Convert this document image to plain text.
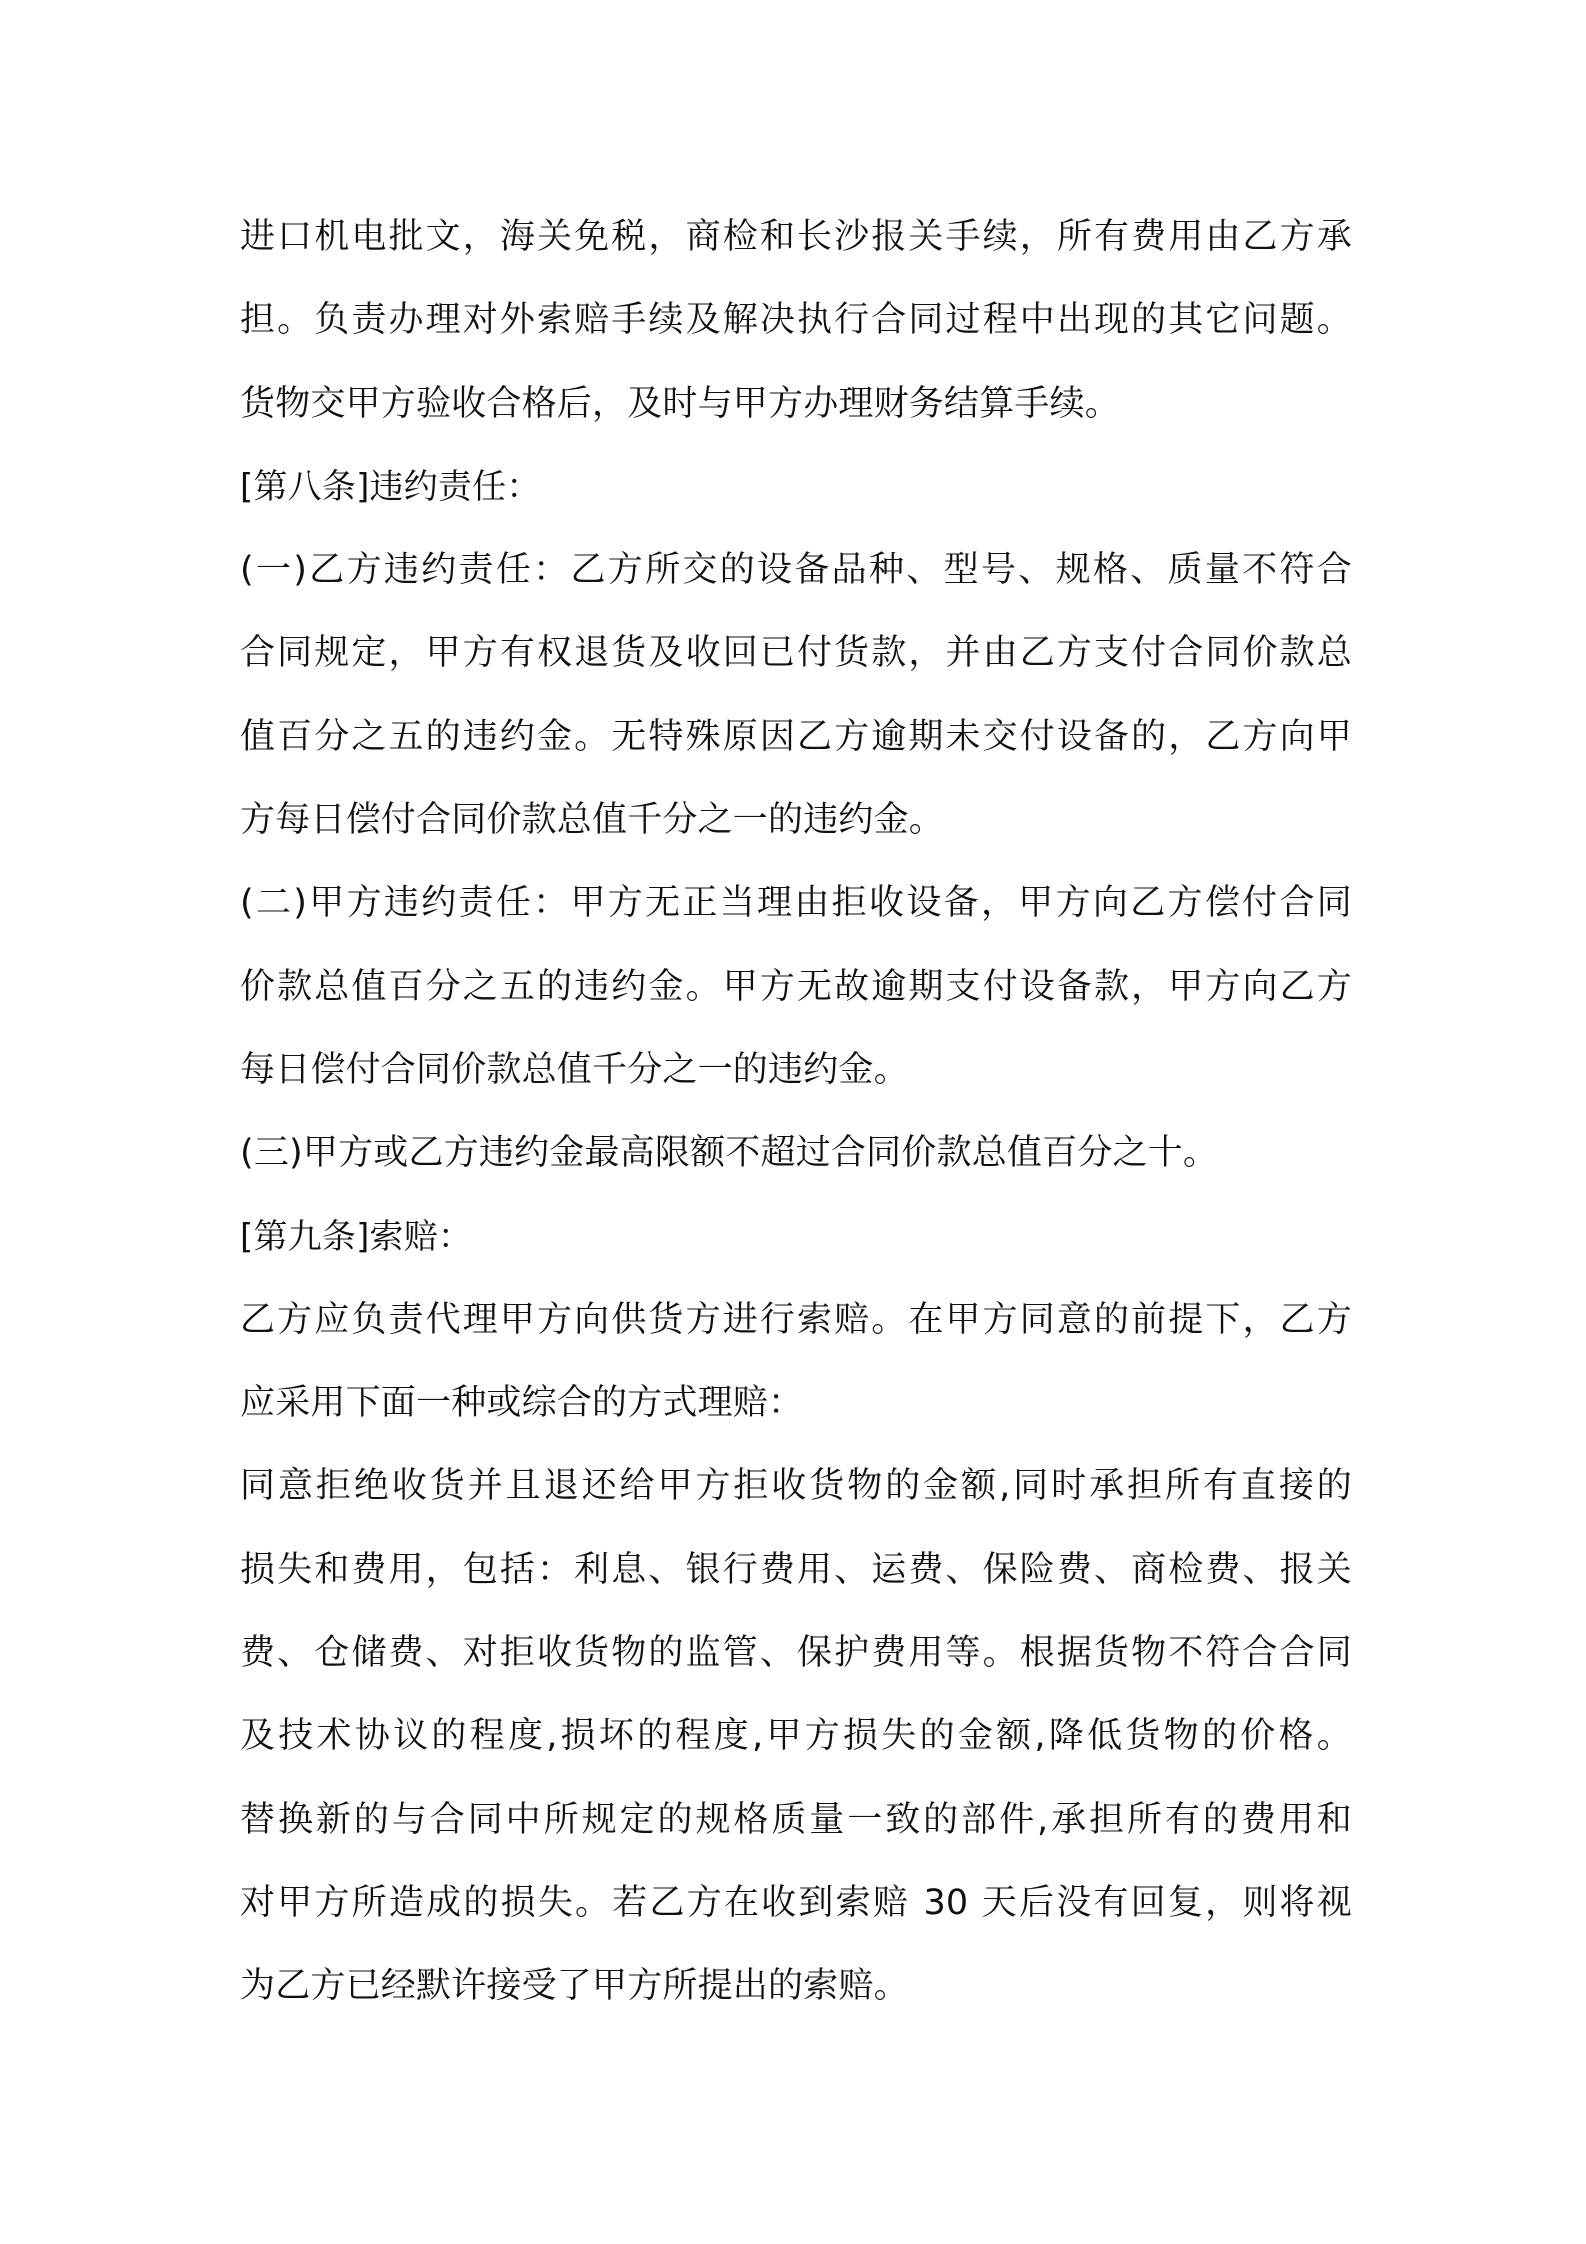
进口机电批文，海关免税，商检和长沙报关手续，所有费用由乙方承

担。负责办理对外索赔手续及解决执行合同过程中出现的其它问题。

货物交甲方验收合格后，及时与甲方办理财务结算手续。

[第八条]违约责任：

(一)乙方违约责任：乙方所交的设备品种、型号、规格、质量不符合

合同规定，甲方有权退货及收回已付货款，并由乙方支付合同价款总

值百分之五的违约金。无特殊原因乙方逾期未交付设备的，乙方向甲

方每日偿付合同价款总值千分之一的违约金。

(二)甲方违约责任：甲方无正当理由拒收设备，甲方向乙方偿付合同

价款总值百分之五的违约金。甲方无故逾期支付设备款，甲方向乙方

每日偿付合同价款总值千分之一的违约金。

(三)甲方或乙方违约金最高限额不超过合同价款总值百分之十。

[第九条]索赔：

乙方应负责代理甲方向供货方进行索赔。在甲方同意的前提下，乙方

应采用下面一种或综合的方式理赔：

同意拒绝收货并且退还给甲方拒收货物的金额,同时承担所有直接的

损失和费用，包括：利息、银行费用、运费、保险费、商检费、报关

费、仓储费、对拒收货物的监管、保护费用等。根据货物不符合合同

及技术协议的程度,损坏的程度,甲方损失的金额,降低货物的价格。

替换新的与合同中所规定的规格质量一致的部件,承担所有的费用和

对甲方所造成的损失。若乙方在收到索赔 30 天后没有回复，则将视

为乙方已经默许接受了甲方所提出的索赔。
